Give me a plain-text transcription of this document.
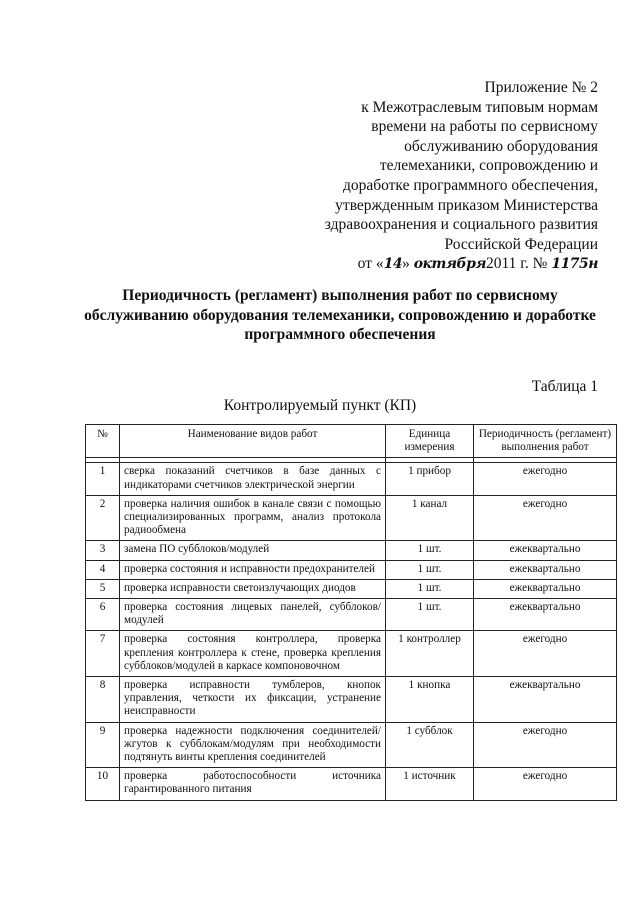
Приложение № 2
к Межотраслевым типовым нормам
времени на работы по сервисному
обслуживанию оборудования
телемеханики, сопровождению и
доработке программного обеспечения,
утвержденным приказом Министерства
здравоохранения и социального развития
Российской Федерации
от «14» октября2011 г. № 1175н
Периодичность (регламент) выполнения работ по сервисному
обслуживанию оборудования телемеханики, сопровождению и доработке
программного обеспечения
Таблица 1
Контролируемый пункт (КП)
№	Наименование видов работ	Единица измерения	Периодичность (регламент) выполнения работ

1	сверка показаний счетчиков в базе данных с индикаторами счетчиков электрической энергии	1 прибор	ежегодно
2	проверка наличия ошибок в канале связи с помощью специализированных программ, анализ протокола радиообмена	1 канал	ежегодно
3	замена ПО субблоков/модулей	1 шт.	ежеквартально
4	проверка состояния и исправности предохранителей	1 шт.	ежеквартально
5	проверка исправности светоизлучающих диодов	1 шт.	ежеквартально
6	проверка состояния лицевых панелей, субблоков/модулей	1 шт.	ежеквартально
7	проверка состояния контроллера, проверка крепления контроллера к стене, проверка крепления субблоков/модулей в каркасе компоновочном	1 контроллер	ежегодно
8	проверка исправности тумблеров, кнопок управления, четкости их фиксации, устранение неисправности	1 кнопка	ежеквартально
9	проверка надежности подключения соединителей/жгутов к субблокам/модулям при необходимости подтянуть винты крепления соединителей	1 субблок	ежегодно
10	проверка работоспособности источника гарантированного питания	1 источник	ежегодно
